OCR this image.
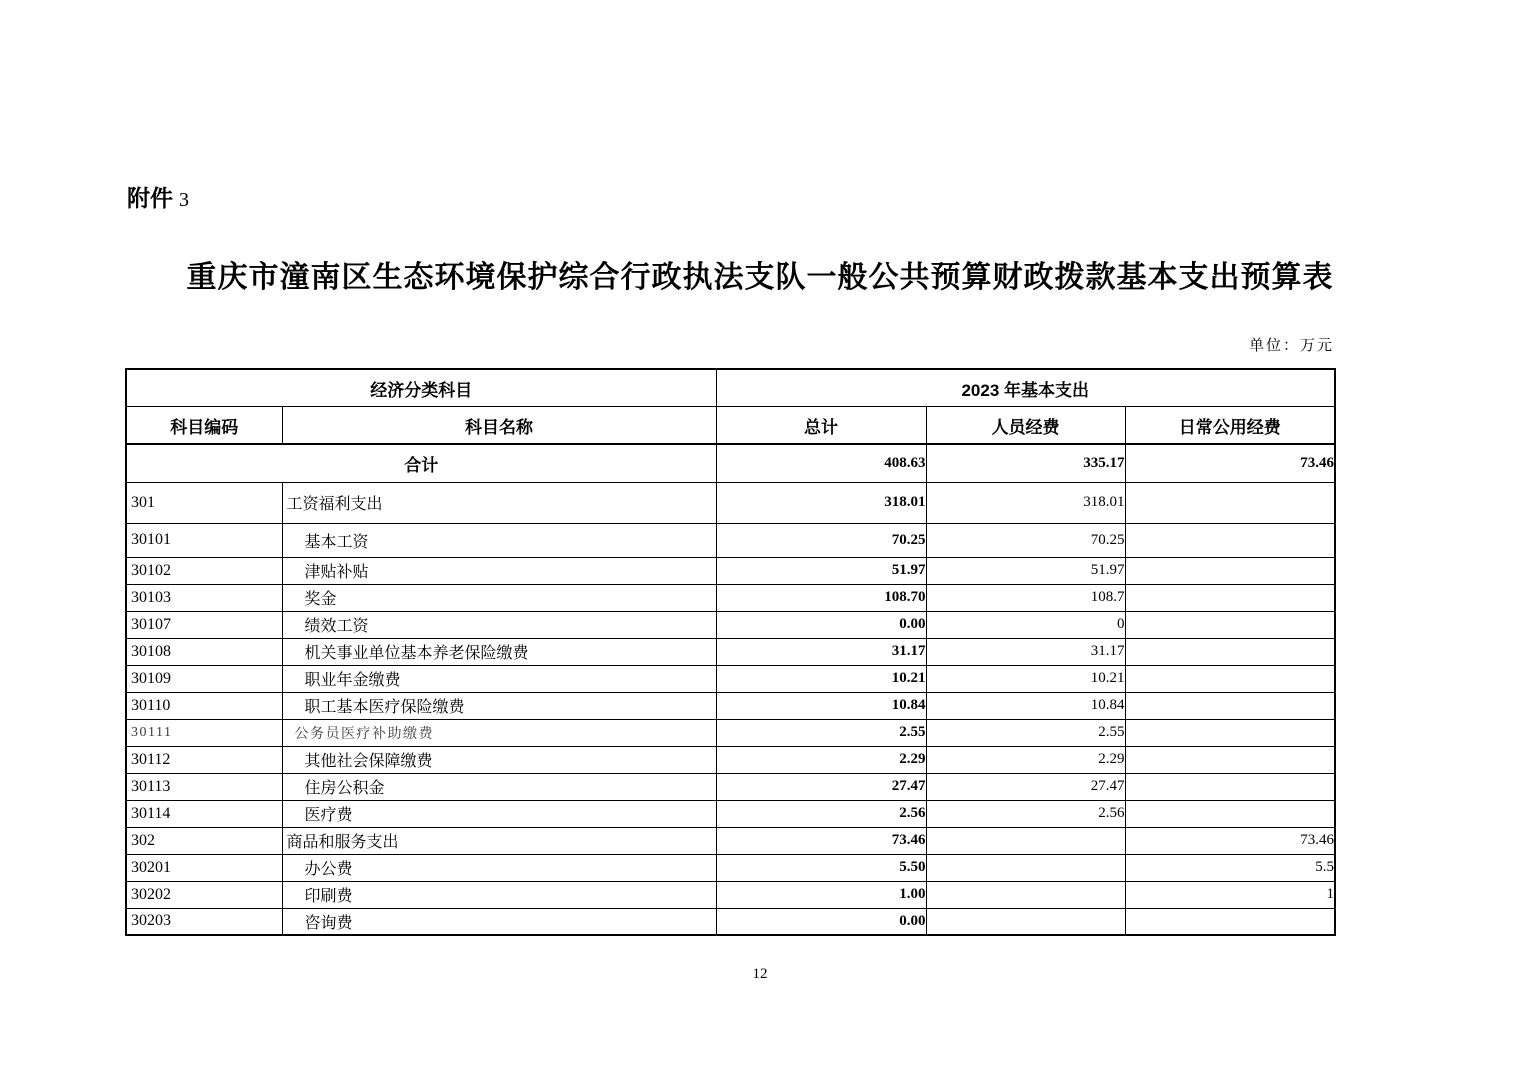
附件 3
重庆市潼南区生态环境保护综合行政执法支队一般公共预算财政拨款基本支出预算表
单位：万元
经济分类科目		2023 年基本支出		
科目编码	科目名称	总计	人员经费	日常公用经费
合计		408.63	335.17	73.46
301	工资福利支出	318.01	318.01	
30101	基本工资	70.25	70.25	
30102	津贴补贴	51.97	51.97	
30103	奖金	108.70	108.7	
30107	绩效工资	0.00	0	
30108	机关事业单位基本养老保险缴费	31.17	31.17	
30109	职业年金缴费	10.21	10.21	
30110	职工基本医疗保险缴费	10.84	10.84	
30111	公务员医疗补助缴费	2.55	2.55	
30112	其他社会保障缴费	2.29	2.29	
30113	住房公积金	27.47	27.47	
30114	医疗费	2.56	2.56	
302	商品和服务支出	73.46		73.46
30201	办公费	5.50		5.5
30202	印刷费	1.00		1
30203	咨询费	0.00		
12
